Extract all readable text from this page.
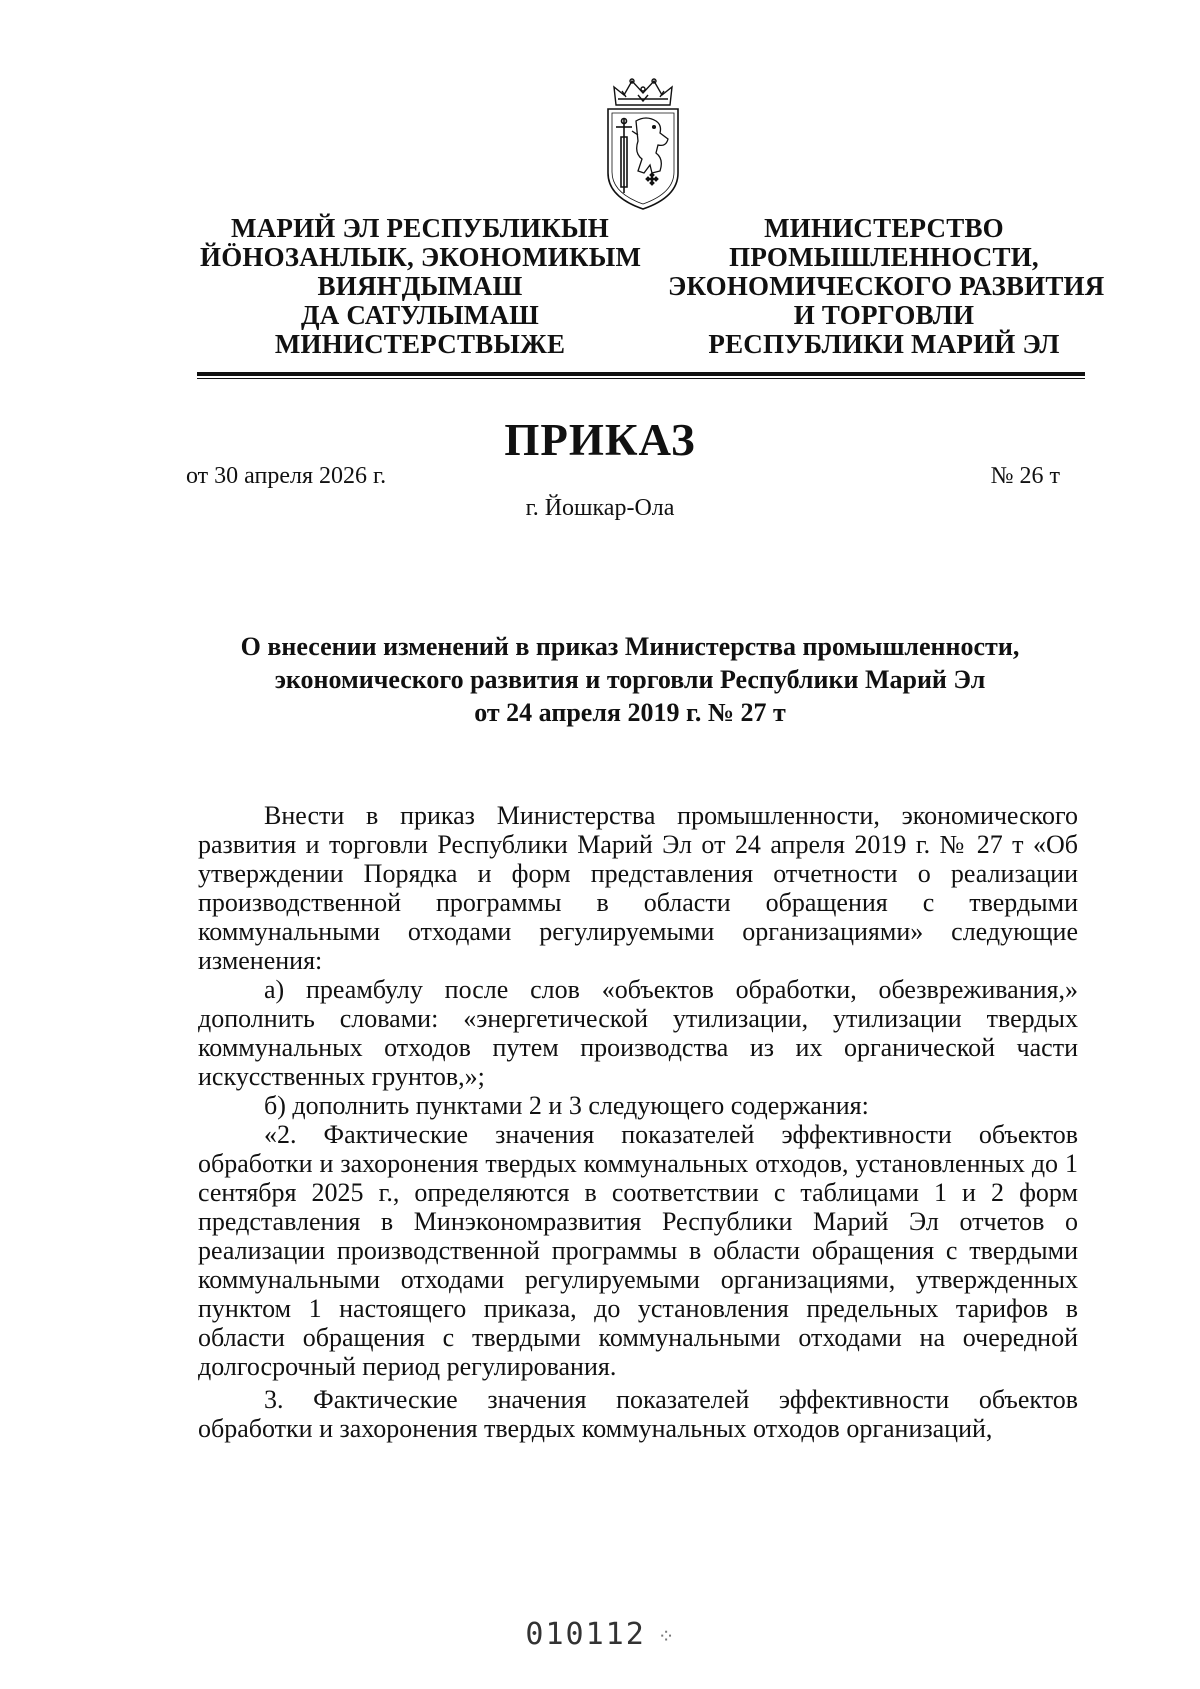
МАРИЙ ЭЛ РЕСПУБЛИКЫН
ЙӦНОЗАНЛЫК, ЭКОНОМИКЫМ
ВИЯҤДЫМАШ
ДА САТУЛЫМАШ
МИНИСТЕРСТВЫЖЕ
МИНИСТЕРСТВО
ПРОМЫШЛЕННОСТИ,
ЭКОНОМИЧЕСКОГО РАЗВИТИЯ
И ТОРГОВЛИ
РЕСПУБЛИКИ МАРИЙ ЭЛ
ПРИКАЗ
от 30 апреля 2026 г.	№ 26 т
г. Йошкар-Ола
О внесении изменений в приказ Министерства промышленности,
экономического развития и торговли Республики Марий Эл
от 24 апреля 2019 г. № 27 т

Внести в приказ Министерства промышленности, экономического развития и торговли Республики Марий Эл от 24 апреля 2019 г. № 27 т «Об утверждении Порядка и форм представления отчетности о реализации производственной программы в области обращения с твердыми коммунальными отходами регулируемыми организациями» следующие изменения:

а) преамбулу после слов «объектов обработки, обезвреживания,» дополнить словами: «энергетической утилизации, утилизации твердых коммунальных отходов путем производства из их органической части искусственных грунтов,»;

б) дополнить пунктами 2 и 3 следующего содержания:

«2. Фактические значения показателей эффективности объектов обработки и захоронения твердых коммунальных отходов, установленных до 1 сентября 2025 г., определяются в соответствии с таблицами 1 и 2 форм представления в Минэкономразвития Республики Марий Эл отчетов о реализации производственной программы в области обращения с твердыми коммунальными отходами регулируемыми организациями, утвержденных пунктом 1 настоящего приказа, до установления предельных тарифов в области обращения с твердыми коммунальными отходами на очередной долгосрочный период регулирования.

3. Фактические значения показателей эффективности объектов обработки и захоронения твердых коммунальных отходов организаций,

010112 ⁘
